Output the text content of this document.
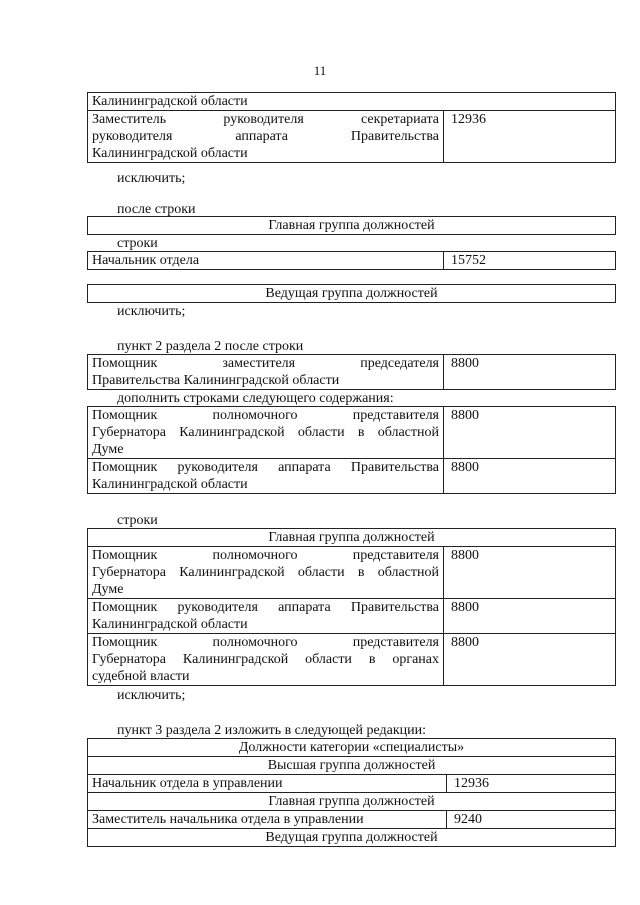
11
Калининградской области

Заместитель руководителя секретариата
руководителя аппарата Правительства
Калининградской области
	12936
исключить;
после строки
Главная группа должностей
строки
Начальник отдела	15752
Ведущая группа должностей
исключить;
пункт 2 раздела 2 после строки
Помощник заместителя председателя
Правительства Калининградской области
	8800
дополнить строками следующего содержания:
Помощник полномочного представителя
Губернатора Калининградской области в областной
Думе	8800

Помощник руководителя аппарата Правительства
Калининградской области	8800
строки
Главная группа должностей	

Помощник полномочного представителя
Губернатора Калининградской области в областной
Думе	8800

Помощник руководителя аппарата Правительства
Калининградской области	8800

Помощник полномочного представителя
Губернатора Калининградской области в органах
судебной власти	8800
исключить;
пункт 3 раздела 2 изложить в следующей редакции:
Должности категории «специалисты»	
Высшая группа должностей	
Начальник отдела в управлении	12936
Главная группа должностей	
Заместитель начальника отдела в управлении	9240
Ведущая группа должностей	
